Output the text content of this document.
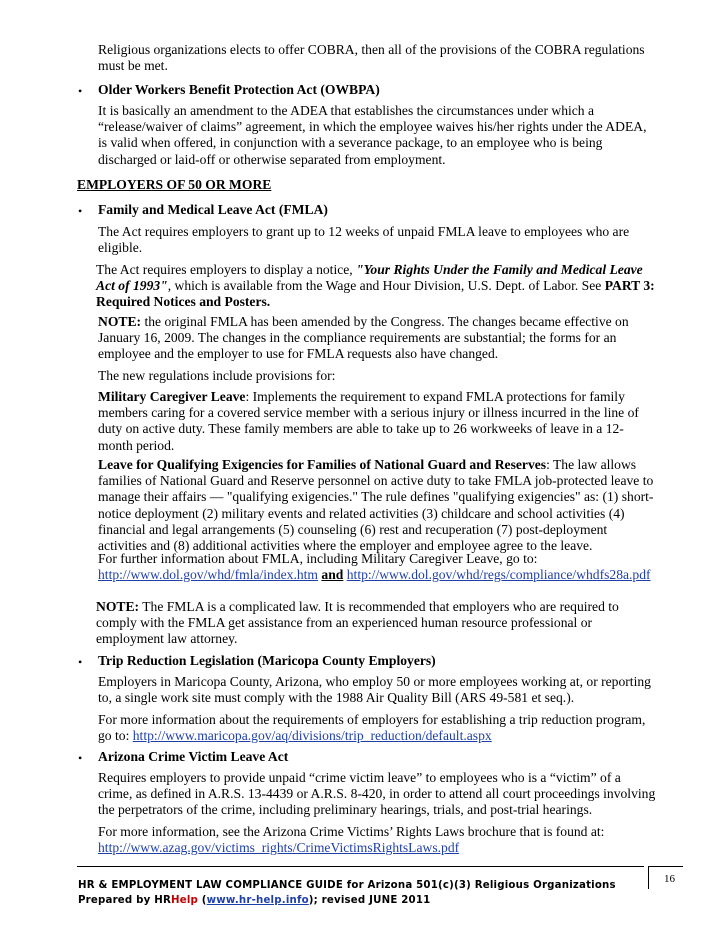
Religious organizations elects to offer COBRA, then all of the provisions of the COBRA regulations must be met.

• Older Workers Benefit Protection Act (OWBPA)

It is basically an amendment to the ADEA that establishes the circumstances under which a “release/waiver of claims” agreement, in which the employee waives his/her rights under the ADEA, is valid when offered, in conjunction with a severance package, to an employee who is being discharged or laid-off or otherwise separated from employment.

EMPLOYERS OF 50 OR MORE
• Family and Medical Leave Act (FMLA)

The Act requires employers to grant up to 12 weeks of unpaid FMLA leave to employees who are eligible.

The Act requires employers to display a notice, "Your Rights Under the Family and Medical Leave Act of 1993", which is available from the Wage and Hour Division, U.S. Dept. of Labor. See PART 3: Required Notices and Posters.

NOTE: the original FMLA has been amended by the Congress. The changes became effective on January 16, 2009. The changes in the compliance requirements are substantial; the forms for an employee and the employer to use for FMLA requests also have changed.

The new regulations include provisions for:

Military Caregiver Leave: Implements the requirement to expand FMLA protections for family members caring for a covered service member with a serious injury or illness incurred in the line of duty on active duty. These family members are able to take up to 26 workweeks of leave in a 12-month period.

Leave for Qualifying Exigencies for Families of National Guard and Reserves: The law allows families of National Guard and Reserve personnel on active duty to take FMLA job-protected leave to manage their affairs — "qualifying exigencies." The rule defines "qualifying exigencies" as: (1) short-notice deployment (2) military events and related activities (3) childcare and school activities (4) financial and legal arrangements (5) counseling (6) rest and recuperation (7) post-deployment activities and (8) additional activities where the employer and employee agree to the leave.

For further information about FMLA, including Military Caregiver Leave, go to:
http://www.dol.gov/whd/fmla/index.htm and http://www.dol.gov/whd/regs/compliance/whdfs28a.pdf

NOTE: The FMLA is a complicated law. It is recommended that employers who are required to comply with the FMLA get assistance from an experienced human resource professional or employment law attorney.

• Trip Reduction Legislation (Maricopa County Employers)

Employers in Maricopa County, Arizona, who employ 50 or more employees working at, or reporting to, a single work site must comply with the 1988 Air Quality Bill (ARS 49-581 et seq.).

For more information about the requirements of employers for establishing a trip reduction program, go to: http://www.maricopa.gov/aq/divisions/trip_reduction/default.aspx

• Arizona Crime Victim Leave Act

Requires employers to provide unpaid “crime victim leave” to employees who is a “victim” of a crime, as defined in A.R.S. 13-4439 or A.R.S. 8-420, in order to attend all court proceedings involving the perpetrators of the crime, including preliminary hearings, trials, and post-trial hearings.

For more information, see the Arizona Crime Victims’ Rights Laws brochure that is found at:
http://www.azag.gov/victims_rights/CrimeVictimsRightsLaws.pdf

16
HR & EMPLOYMENT LAW COMPLIANCE GUIDE for Arizona 501(c)(3) Religious Organizations
Prepared by HRHelp (www.hr-help.info); revised JUNE 2011
